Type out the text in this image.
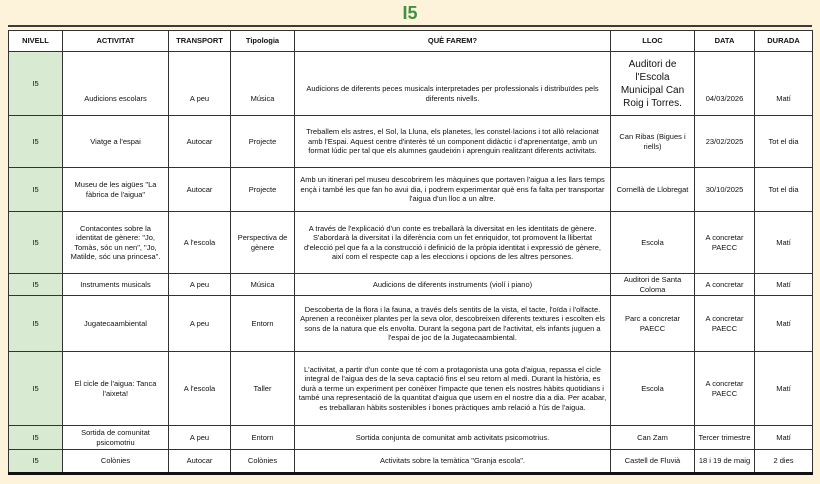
I5
NIVELL	ACTIVITAT	TRANSPORT	Tipologia	QUÈ FAREM?	LLOC	DATA	DURADA
I5	Audicions escolars	A peu	Música	Audicions de diferents peces musicals interpretades per professionals i distribuïdes pels diferents nivells.	Auditori de l'Escola Municipal Can Roig i Torres.	04/03/2026	Matí
I5	Viatge a l'espai	Autocar	Projecte	Treballem els astres, el Sol, la Lluna, els planetes, les constel·lacions i tot allò relacionat amb l'Espai. Aquest centre d'interès té un component didàctic i d'aprenentatge, amb un format lúdic per tal que els alumnes gaudeixin i aprenguin realitzant diferents activitats.	Can Ribas (Bigues i riells)	23/02/2025	Tot el dia
I5	Museu de les aigües "La fàbrica de l'aigua"	Autocar	Projecte	Amb un itinerari pel museu descobrirem les màquines que portaven l'aigua a les llars temps ençà i també les que fan ho avui dia, i podrem experimentar què ens fa falta per transportar l'aigua d'un lloc a un altre.	Cornellà de Llobregat	30/10/2025	Tot el dia
I5	Contacontes sobre la identitat de gènere: "Jo, Tomàs, sóc un nen", "Jo, Matilde, sóc una princesa".	A l'escola	Perspectiva de gènere	A través de l'explicació d'un conte es treballarà la diversitat en les identitats de gènere. S'abordarà la diversitat i la diferència com un fet enriquidor, tot promovent la llibertat d'elecció pel que fa a la construcció i definició de la pròpia identitat i expressió de gènere, així com el respecte cap a les eleccions i opcions de les altres persones.	Escola	A concretar PAECC	Matí
I5	Instruments musicals	A peu	Música	Audicions de diferents instruments (violí i piano)	Auditori de Santa Coloma	A concretar	Matí
I5	Jugatecaambiental	A peu	Entorn	Descoberta de la flora i la fauna, a través dels sentits de la vista, el tacte, l'oïda i l'olfacte. Aprenen a reconèixer plantes per la seva olor, descobreixen diferents textures i escolten els sons de la natura que els envolta. Durant la segona part de l'activitat, els infants juguen a l'espai de joc de la Jugatecaambiental.	Parc a concretar PAECC	A concretar PAECC	Matí
I5	El cicle de l'aigua: Tanca l'aixeta!	A l'escola	Taller	L'activitat, a partir d'un conte que té com a protagonista una gota d'aigua, repassa el cicle integral de l'aigua des de la seva captació fins el seu retorn al medi. Durant la història, es durà a terme un experiment per conèixer l'impacte que tenen els nostres hàbits quotidians i també una representació de la quantitat d'aigua que usem en el nostre dia a dia. Per acabar, es treballaran hàbits sostenibles i bones pràctiques amb relació a l'ús de l'aigua.	Escola	A concretar PAECC	Matí
I5	Sortida de comunitat psicomotriu	A peu	Entorn	Sortida conjunta de comunitat amb activitats psicomotrius.	Can Zam	Tercer trimestre	Matí
I5	Colònies	Autocar	Colònies	Activitats sobre la temàtica "Granja escola".	Castell de Fluvià	18 i 19 de maig	2 dies
